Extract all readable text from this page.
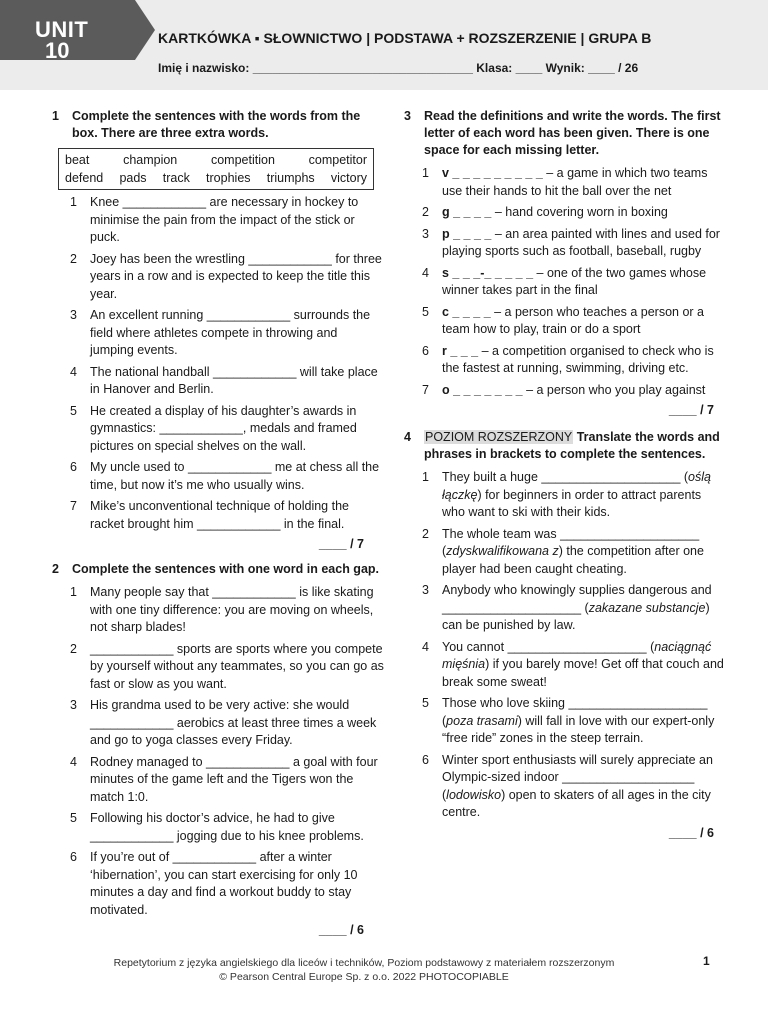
UNIT
10	KARTKÓWKA ▪ SŁOWNICTWO | PODSTAWA + ROZSZERZENIE | GRUPA B
Imię i nazwisko: _________________________________ Klasa: ____ Wynik: ____ / 26
1	Complete the sentences with the words from the box. There are three extra words.
beat	champion	competition	competitor
defend pads track trophies triumphs victory
1	Knee ____________ are necessary in hockey to minimise the pain from the impact of the stick or puck.
2	Joey has been the wrestling ____________ for three years in a row and is expected to keep the title this year.
3	An excellent running ____________ surrounds the field where athletes compete in throwing and jumping events.
4	The national handball ____________ will take place in Hanover and Berlin.
5	He created a display of his daughter’s awards in gymnastics: ____________, medals and framed pictures on special shelves on the wall.
6	My uncle used to ____________ me at chess all the time, but now it’s me who usually wins.
7	Mike’s unconventional technique of holding the racket brought him ____________ in the final.
____ / 7
2	Complete the sentences with one word in each gap.
1	Many people say that ____________ is like skating with one tiny difference: you are moving on wheels, not sharp blades!
2	____________ sports are sports where you compete by yourself without any teammates, so you can go as fast or slow as you want.
3	His grandma used to be very active: she would ____________ aerobics at least three times a week and go to yoga classes every Friday.
4	Rodney managed to ____________ a goal with four minutes of the game left and the Tigers won the match 1:0.
5	Following his doctor’s advice, he had to give ____________ jogging due to his knee problems.
6	If you’re out of ____________ after a winter ‘hibernation’, you can start exercising for only 10 minutes a day and find a workout buddy to stay motivated.
____ / 6
3	Read the definitions and write the words. The first letter of each word has been given. There is one space for each missing letter.
1	v _ _ _ _ _ _ _ _ _ – a game in which two teams use their hands to hit the ball over the net
2	g _ _ _ _ – hand covering worn in boxing
3	p _ _ _ _ – an area painted with lines and used for playing sports such as football, baseball, rugby
4	s _ _ _-_ _ _ _ _ – one of the two games whose winner takes part in the final
5	c _ _ _ _ – a person who teaches a person or a team how to play, train or do a sport
6	r _ _ _ – a competition organised to check who is the fastest at running, swimming, driving etc.
7	o _ _ _ _ _ _ _ – a person who you play against
____ / 7
4	POZIOM ROZSZERZONY Translate the words and phrases in brackets to complete the sentences.
1	They built a huge ____________________ (oślą łączkę) for beginners in order to attract parents who want to ski with their kids.
2	The whole team was ____________________ (zdyskwalifikowana z) the competition after one player had been caught cheating.
3	Anybody who knowingly supplies dangerous and ____________________ (zakazane substancje) can be punished by law.
4	You cannot ____________________ (naciągnąć mięśnia) if you barely move! Get off that couch and break some sweat!
5	Those who love skiing ____________________ (poza trasami) will fall in love with our expert-only “free ride” zones in the steep terrain.
6	Winter sport enthusiasts will surely appreciate an Olympic-sized indoor ___________________ (lodowisko) open to skaters of all ages in the city centre.
____ / 6
Repetytorium z języka angielskiego dla liceów i techników, Poziom podstawowy z materiałem rozszerzonym
© Pearson Central Europe Sp. z o.o. 2022 PHOTOCOPIABLE
1
